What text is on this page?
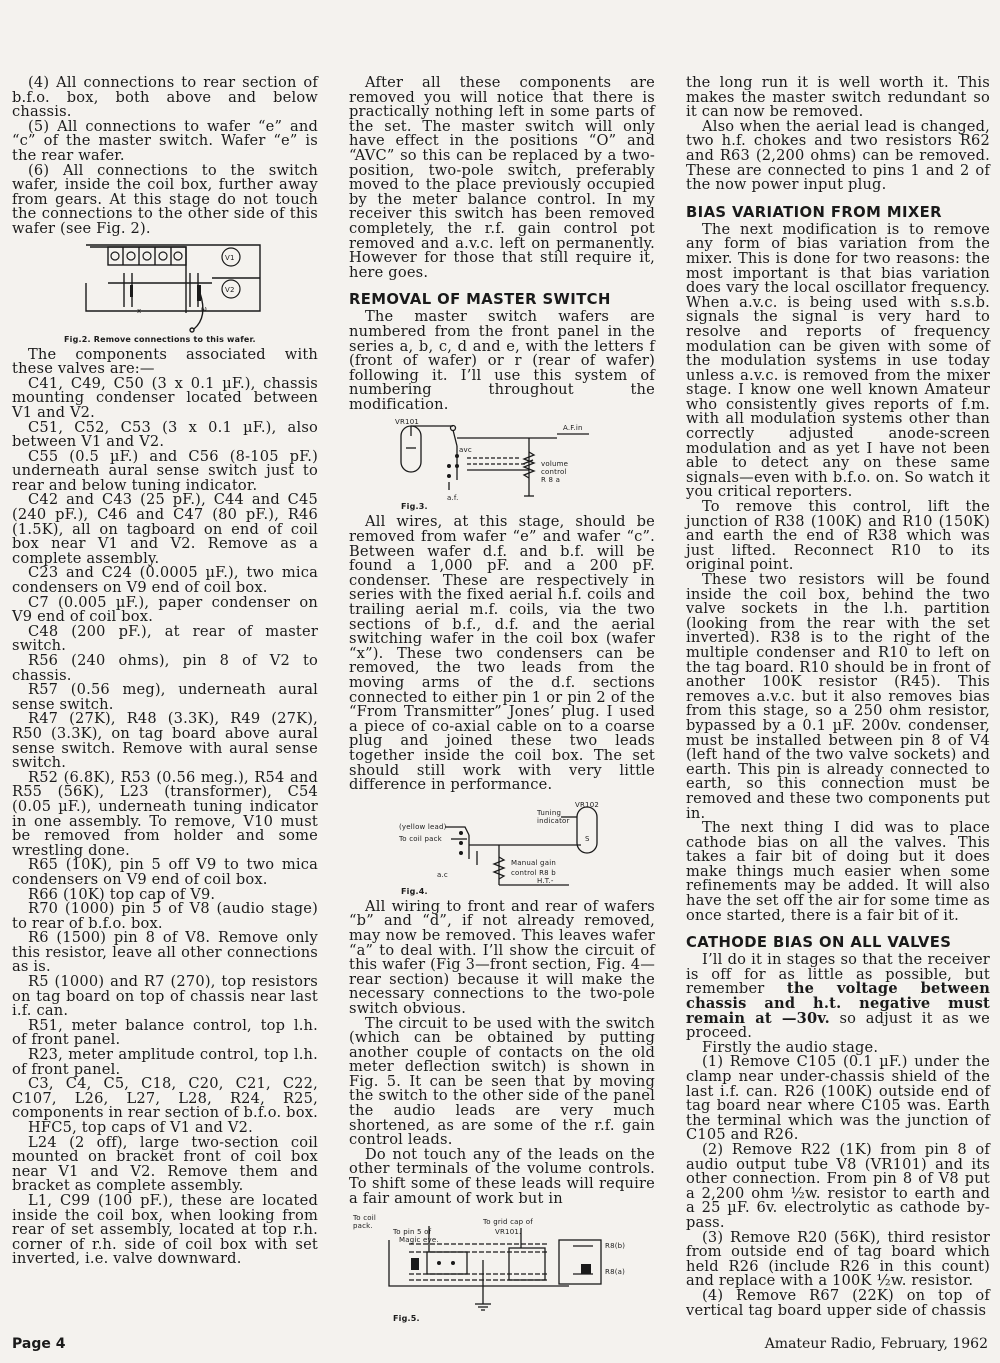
(4) All connections to rear section of b.f.o. box, both above and below chassis.

(5) All connections to wafer “e” and “c” of the master switch. Wafer “e” is the rear wafer.

(6) All connections to the switch wafer, inside the coil box, further away from gears. At this stage do not touch the connections to the other side of this wafer (see Fig. 2).

V1
V2
x	ω
Fig.2. Remove connections to this wafer.

The components associated with these valves are:—

C41, C49, C50 (3 x 0.1 µF.), chassis mounting condenser located between V1 and V2.

C51, C52, C53 (3 x 0.1 µF.), also between V1 and V2.

C55 (0.5 µF.) and C56 (8-105 pF.) underneath aural sense switch just to rear and below tuning indicator.

C42 and C43 (25 pF.), C44 and C45 (240 pF.), C46 and C47 (80 pF.), R46 (1.5K), all on tagboard on end of coil box near V1 and V2. Remove as a complete assembly.

C23 and C24 (0.0005 µF.), two mica condensers on V9 end of coil box.

C7 (0.005 µF.), paper condenser on V9 end of coil box.

C48 (200 pF.), at rear of master switch.

R56 (240 ohms), pin 8 of V2 to chassis.

R57 (0.56 meg), underneath aural sense switch.

R47 (27K), R48 (3.3K), R49 (27K), R50 (3.3K), on tag board above aural sense switch. Remove with aural sense switch.

R52 (6.8K), R53 (0.56 meg.), R54 and R55 (56K), L23 (transformer), C54 (0.05 µF.), underneath tuning indicator in one assembly. To remove, V10 must be removed from holder and some wrestling done.

R65 (10K), pin 5 off V9 to two mica condensers on V9 end of coil box.

R66 (10K) top cap of V9.

R70 (1000) pin 5 of V8 (audio stage) to rear of b.f.o. box.

R6 (1500) pin 8 of V8. Remove only this resistor, leave all other connections as is.

R5 (1000) and R7 (270), top resistors on tag board on top of chassis near last i.f. can.

R51, meter balance control, top l.h. of front panel.

R23, meter amplitude control, top l.h. of front panel.

C3, C4, C5, C18, C20, C21, C22, C107, L26, L27, L28, R24, R25, components in rear section of b.f.o. box.

HFC5, top caps of V1 and V2.

L24 (2 off), large two-section coil mounted on bracket front of coil box near V1 and V2. Remove them and bracket as complete assembly.

L1, C99 (100 pF.), these are located inside the coil box, when looking from rear of set assembly, located at top r.h. corner of r.h. side of coil box with set inverted, i.e. valve downward.

After all these components are removed you will notice that there is practically nothing left in some parts of the set. The master switch will only have effect in the positions “O” and “AVC” so this can be replaced by a two-position, two-pole switch, preferably moved to the place previously occupied by the meter balance control. In my receiver this switch has been removed completely, the r.f. gain control pot removed and a.v.c. left on permanently. However for those that still require it, here goes.

REMOVAL OF MASTER SWITCH

The master switch wafers are numbered from the front panel in the series a, b, c, d and e, with the letters f (front of wafer) or r (rear of wafer) following it. I’ll use this system of numbering throughout the modification.

VR101
A.F.in
avc
a.f.
volume
control
R 8 a
Fig.3.

All wires, at this stage, should be removed from wafer “e” and wafer “c”. Between wafer d.f. and b.f. will be found a 1,000 pF. and a 200 pF. condenser. These are respectively in series with the fixed aerial h.f. coils and trailing aerial m.f. coils, via the two sections of b.f., d.f. and the aerial switching wafer in the coil box (wafer “x”). These two condensers can be removed, the two leads from the moving arms of the d.f. sections connected to either pin 1 or pin 2 of the “From Transmitter” Jones’ plug. I used a piece of co-axial cable on to a coarse plug and joined these two leads together inside the coil box. The set should still work with very little difference in performance.

VR102
Tuning
indicator
(yellow lead)
To coil pack
a.c
S
Manual gain
control R8 b
H.T.-
Fig.4.

All wiring to front and rear of wafers “b” and “d”, if not already removed, may now be removed. This leaves wafer “a” to deal with. I’ll show the circuit of this wafer (Fig 3—front section, Fig. 4—rear section) because it will make the necessary connections to the two-pole switch obvious.

The circuit to be used with the switch (which can be obtained by putting another couple of contacts on the old meter deflection switch) is shown in Fig. 5. It can be seen that by moving the switch to the other side of the panel the audio leads are very much shortened, as are some of the r.f. gain control leads.

Do not touch any of the leads on the other terminals of the volume controls. To shift some of these leads will require a fair amount of work but in

To coil
pack.
To pin 5 of
Magic eye.
To grid cap of
VR101.
R8(b)
R8(a)
Fig.5.

the long run it is well worth it. This makes the master switch redundant so it can now be removed.

Also when the aerial lead is changed, two h.f. chokes and two resistors R62 and R63 (2,200 ohms) can be removed. These are connected to pins 1 and 2 of the now power input plug.

BIAS VARIATION FROM MIXER

The next modification is to remove any form of bias variation from the mixer. This is done for two reasons: the most important is that bias variation does vary the local oscillator frequency. When a.v.c. is being used with s.s.b. signals the signal is very hard to resolve and reports of frequency modulation can be given with some of the modulation systems in use today unless a.v.c. is removed from the mixer stage. I know one well known Amateur who consistently gives reports of f.m. with all modulation systems other than correctly adjusted anode-screen modulation and as yet I have not been able to detect any on these same signals—even with b.f.o. on. So watch it you critical reporters.

To remove this control, lift the junction of R38 (100K) and R10 (150K) and earth the end of R38 which was just lifted. Reconnect R10 to its original point.

These two resistors will be found inside the coil box, behind the two valve sockets in the l.h. partition (looking from the rear with the set inverted). R38 is to the right of the multiple condenser and R10 to left on the tag board. R10 should be in front of another 100K resistor (R45). This removes a.v.c. but it also removes bias from this stage, so a 250 ohm resistor, bypassed by a 0.1 µF. 200v. condenser, must be installed between pin 8 of V4 (left hand of the two valve sockets) and earth. This pin is already connected to earth, so this connection must be removed and these two components put in.

The next thing I did was to place cathode bias on all the valves. This takes a fair bit of doing but it does make things much easier when some refinements may be added. It will also have the set off the air for some time as once started, there is a fair bit of it.

CATHODE BIAS ON ALL VALVES

I’ll do it in stages so that the receiver is off for as little as possible, but remember the voltage between chassis and h.t. negative must remain at —30v. so adjust it as we proceed.

Firstly the audio stage.

(1) Remove C105 (0.1 µF.) under the clamp near under-chassis shield of the last i.f. can. R26 (100K) outside end of tag board near where C105 was. Earth the terminal which was the junction of C105 and R26.

(2) Remove R22 (1K) from pin 8 of audio output tube V8 (VR101) and its other connection. From pin 8 of V8 put a 2,200 ohm ½w. resistor to earth and a 25 µF. 6v. electrolytic as cathode by-pass.

(3) Remove R20 (56K), third resistor from outside end of tag board which held R26 (include R26 in this count) and replace with a 100K ½w. resistor.

(4) Remove R67 (22K) on top of vertical tag board upper side of chassis

Page 4	Amateur Radio, February, 1962
